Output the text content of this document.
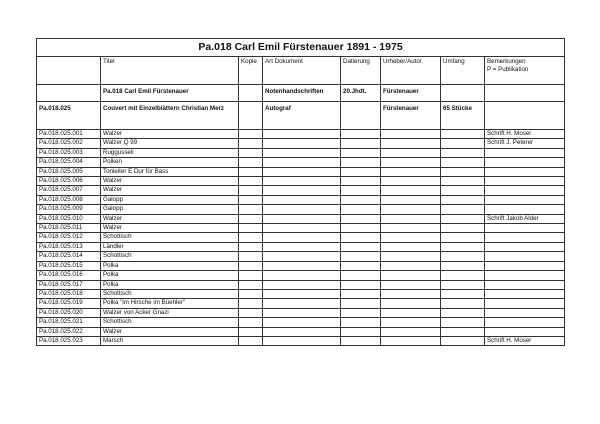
Pa.018 Carl Emil Fürstenauer 1891 - 1975							
	Titel	Kopie	Art Dokument	Datierung	Urheber/Autor	Umfang	Bemerkungen
P = Publikation

	Pa.018 Carl Emil Fürstenauer		Notenhandschriften	20.Jhdt.	Fürstenauer		
Pa.018.025	Couvert mit Einzelblättern Christian Merz		Autograf		Fürstenauer	65 Stücke	
Pa.018.025.001	Walzer						Schrift H. Moser
Pa.018.025.002	Walzer Q 99						Schrift J. Peterer
Pa.018.025.003	Ruggusseli						
Pa.018.025.004	Polken						
Pa.018.025.005	Tonleiter E Dur für Bass						
Pa.018.025.006	Walzer						
Pa.018.025.007	Walzer						
Pa.018.025.008	Galopp						
Pa.018.025.009	Galopp						
Pa.018.025.010	Walzer						Schrift Jakob Alder
Pa.018.025.011	Walzer						
Pa.018.025.012	Schottisch						
Pa.018.025.013	Ländler						
Pa.018.025.014	Schottisch						
Pa.018.025.015	Polka						
Pa.018.025.016	Polka						
Pa.018.025.017	Polka						
Pa.018.025.018	Schottisch						
Pa.018.025.019	Polka "im Hirsche im Büehler"						
Pa.018.025.020	Walzer von Acker Gnazi						
Pa.018.025.021	Schottisch						
Pa.018.025.022	Walzer						
Pa.018.025.023	Marsch						Schrift H. Moser
